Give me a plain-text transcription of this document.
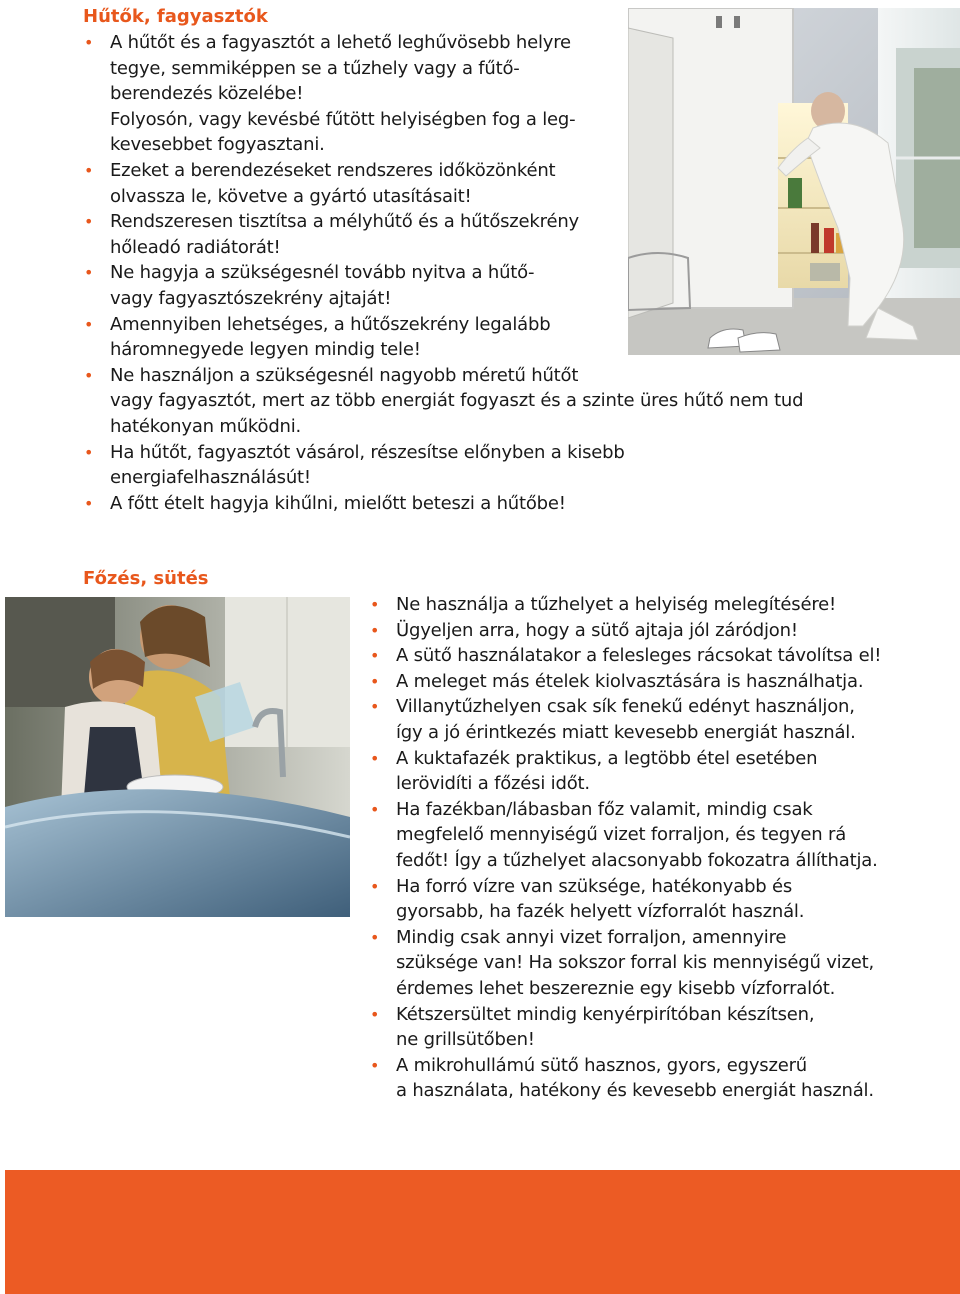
Hűtők, fagyasztók
• A hűtőt és a fagyasztót a lehető leghűvösebb helyre
tegye, semmiképpen se a tűzhely vagy a fűtő-
berendezés közelébe!
Folyosón, vagy kevésbé fűtött helyiségben fog a leg-
kevesebbet fogyasztani.
• Ezeket a berendezéseket rendszeres időközönként
olvassza le, követve a gyártó utasításait!
• Rendszeresen tisztítsa a mélyhűtő és a hűtőszekrény
hőleadó radiátorát!
• Ne hagyja a szükségesnél tovább nyitva a hűtő-
vagy fagyasztószekrény ajtaját!
• Amennyiben lehetséges, a hűtőszekrény legalább
háromnegyede legyen mindig tele!
• Ne használjon a szükségesnél nagyobb méretű hűtőt
vagy fagyasztót, mert az több energiát fogyaszt és a szinte üres hűtő nem tud
hatékonyan működni.
• Ha hűtőt, fagyasztót vásárol, részesítse előnyben a kisebb energiafelhasználásút!
• A főtt ételt hagyja kihűlni, mielőtt beteszi a hűtőbe!
Főzés, sütés
• Ne használja a tűzhelyet a helyiség melegítésére!
• Ügyeljen arra, hogy a sütő ajtaja jól záródjon!
• A sütő használatakor a felesleges rácsokat távolítsa el!
• A meleget más ételek kiolvasztására is használhatja.
• Villanytűzhelyen csak sík fenekű edényt használjon,
így a jó érintkezés miatt kevesebb energiát használ.
• A kuktafazék praktikus, a legtöbb étel esetében
lerövidíti a főzési időt.
• Ha fazékban/lábasban főz valamit, mindig csak
megfelelő mennyiségű vizet forraljon, és tegyen rá
fedőt! Így a tűzhelyet alacsonyabb fokozatra állíthatja.
• Ha forró vízre van szüksége, hatékonyabb és
gyorsabb, ha fazék helyett vízforralót használ.
• Mindig csak annyi vizet forraljon, amennyire
szüksége van! Ha sokszor forral kis mennyiségű vizet,
érdemes lehet beszereznie egy kisebb vízforralót.
• Kétszersültet mindig kenyérpirítóban készítsen,
ne grillsütőben!
• A mikrohullámú sütő hasznos, gyors, egyszerű
a használata, hatékony és kevesebb energiát használ.
